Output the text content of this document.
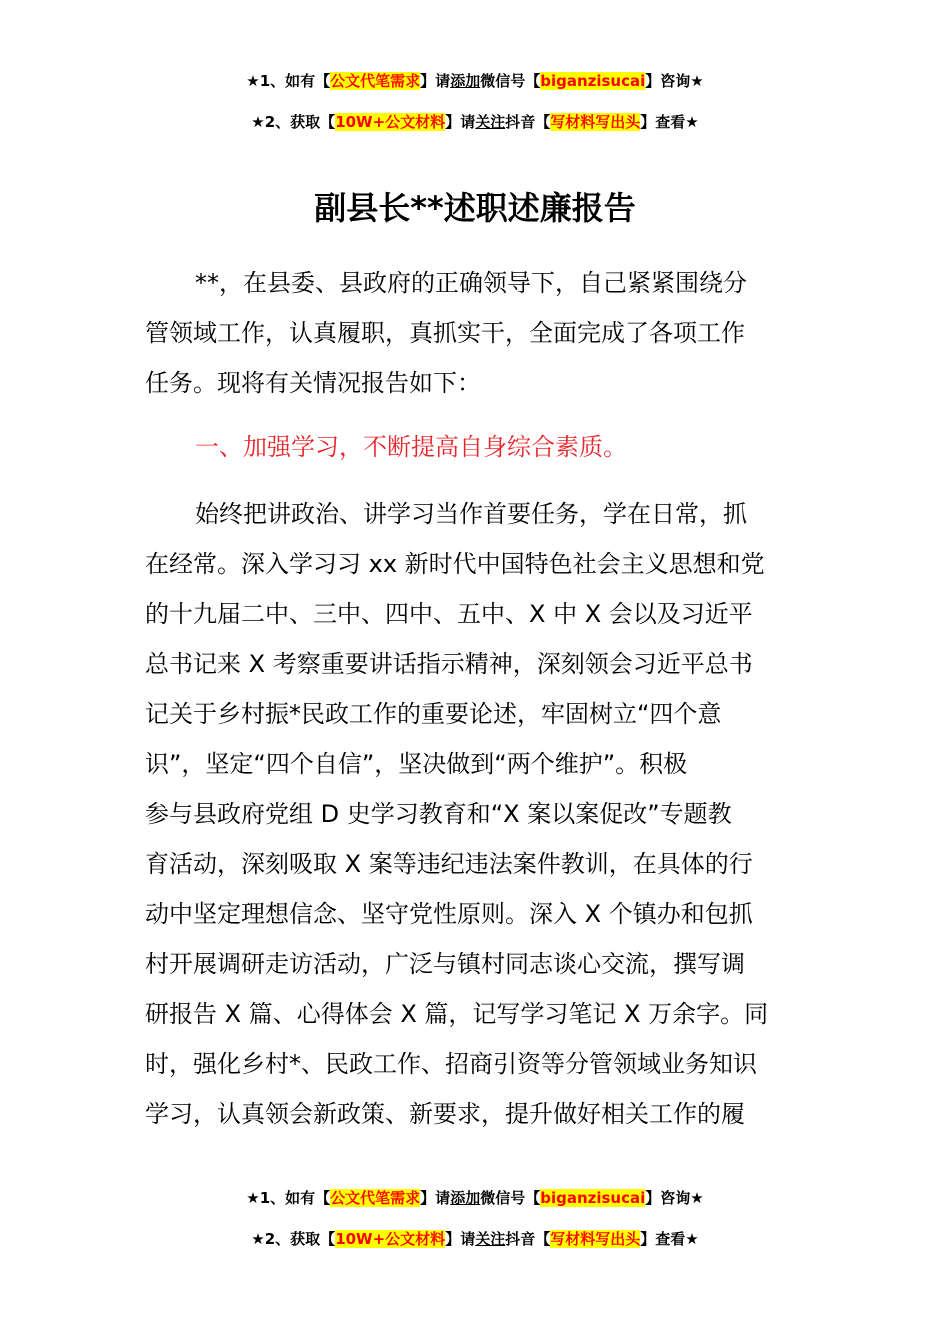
★1、如有【公文代笔需求】请添加微信号【biganzisucai】咨询★
★2、获取【10W+公文材料】请关注抖音【写材料写出头】查看★
副县长**述职述廉报告
**，在县委、县政府的正确领导下，自己紧紧围绕分
管领域工作，认真履职，真抓实干，全面完成了各项工作
任务。现将有关情况报告如下：
一、加强学习，不断提高自身综合素质。
始终把讲政治、讲学习当作首要任务，学在日常，抓
在经常。深入学习习 xx 新时代中国特色社会主义思想和党
的十九届二中、三中、四中、五中、X 中 X 会以及习近平
总书记来 X 考察重要讲话指示精神，深刻领会习近平总书
记关于乡村振*民政工作的重要论述，牢固树立“四个意
识”，坚定“四个自信”，坚决做到“两个维护”。积极
参与县政府党组 D 史学习教育和“X 案以案促改”专题教
育活动，深刻吸取 X 案等违纪违法案件教训，在具体的行
动中坚定理想信念、坚守党性原则。深入 X 个镇办和包抓
村开展调研走访活动，广泛与镇村同志谈心交流，撰写调
研报告 X 篇、心得体会 X 篇，记写学习笔记 X 万余字。同
时，强化乡村*、民政工作、招商引资等分管领域业务知识
学习，认真领会新政策、新要求，提升做好相关工作的履
★1、如有【公文代笔需求】请添加微信号【biganzisucai】咨询★
★2、获取【10W+公文材料】请关注抖音【写材料写出头】查看★
